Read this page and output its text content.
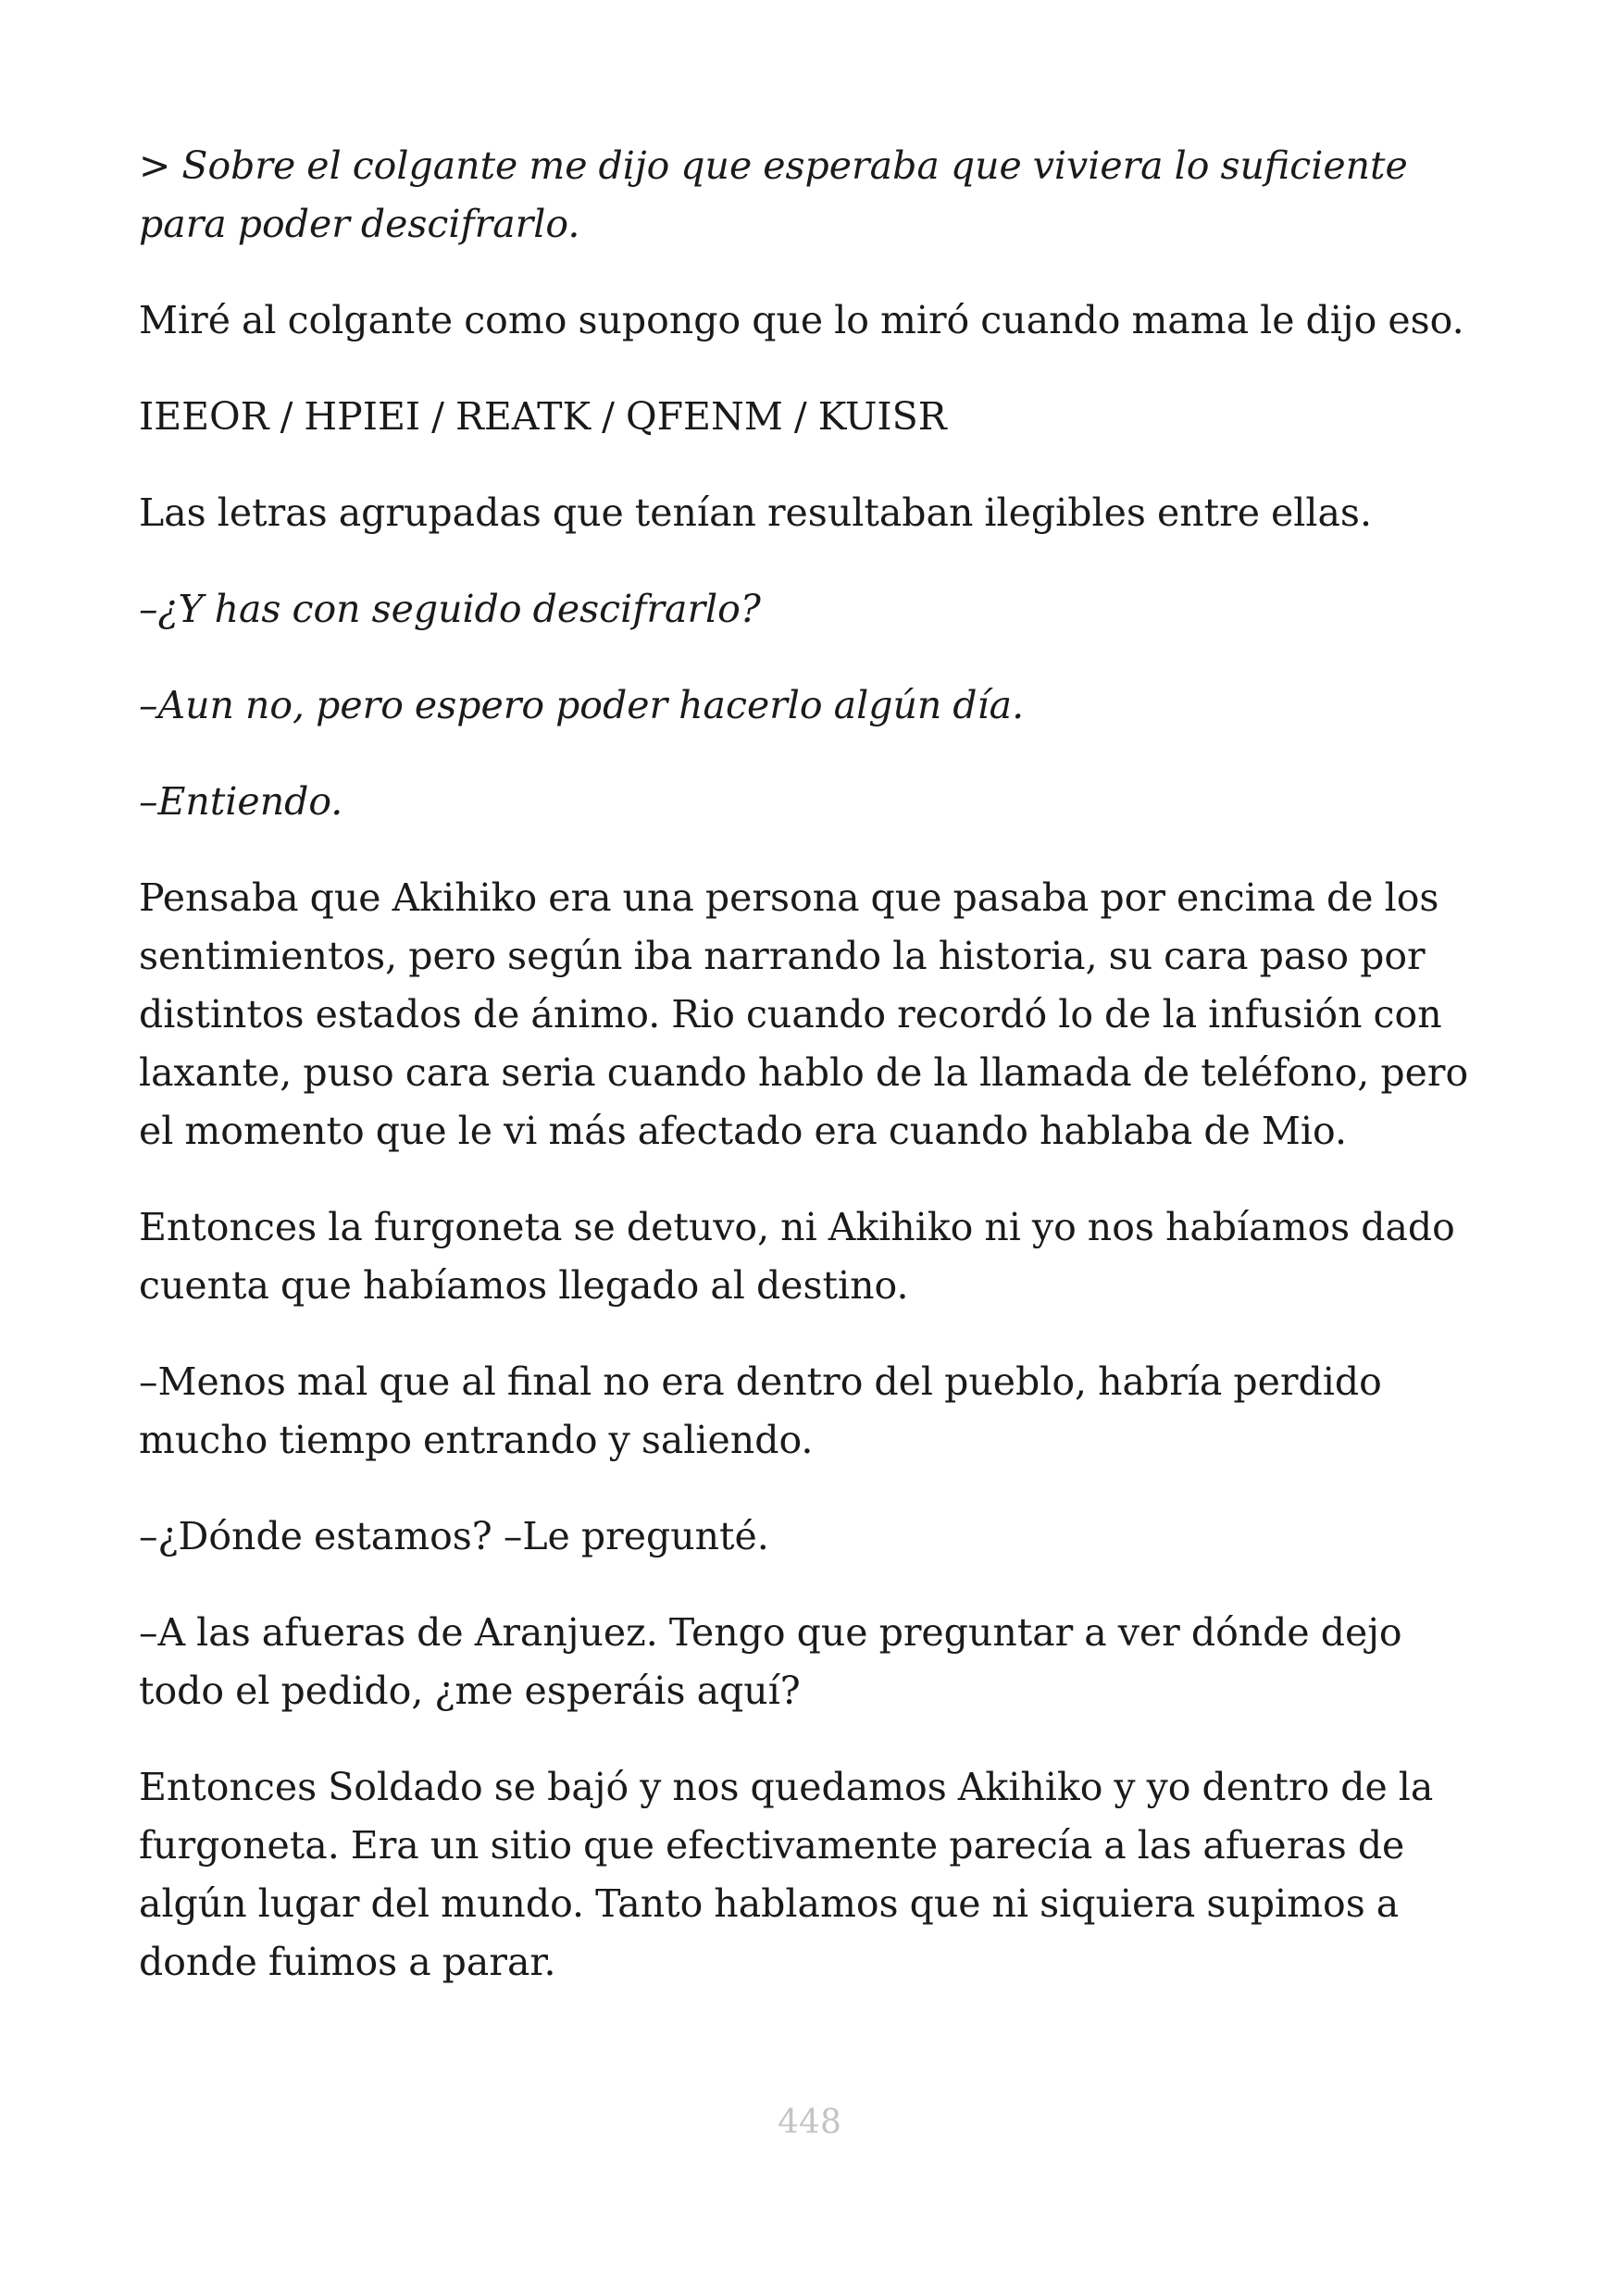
> Sobre el colgante me dijo que esperaba que viviera lo suficiente para poder descifrarlo.

Miré al colgante como supongo que lo miró cuando mama le dijo eso.

IEEOR / HPIEI / REATK / QFENM / KUISR

Las letras agrupadas que tenían resultaban ilegibles entre ellas.

–¿Y has con seguido descifrarlo?

–Aun no, pero espero poder hacerlo algún día.

–Entiendo.

Pensaba que Akihiko era una persona que pasaba por encima de los sentimientos, pero según iba narrando la historia, su cara paso por distintos estados de ánimo. Rio cuando recordó lo de la infusión con laxante, puso cara seria cuando hablo de la llamada de teléfono, pero el momento que le vi más afectado era cuando hablaba de Mio.

Entonces la furgoneta se detuvo, ni Akihiko ni yo nos habíamos dado cuenta que habíamos llegado al destino.

–Menos mal que al final no era dentro del pueblo, habría perdido mucho tiempo entrando y saliendo.

–¿Dónde estamos? –Le pregunté.

–A las afueras de Aranjuez. Tengo que preguntar a ver dónde dejo todo el pedido, ¿me esperáis aquí?

Entonces Soldado se bajó y nos quedamos Akihiko y yo dentro de la furgoneta. Era un sitio que efectivamente parecía a las afueras de algún lugar del mundo. Tanto hablamos que ni siquiera supimos a donde fuimos a parar.

448
